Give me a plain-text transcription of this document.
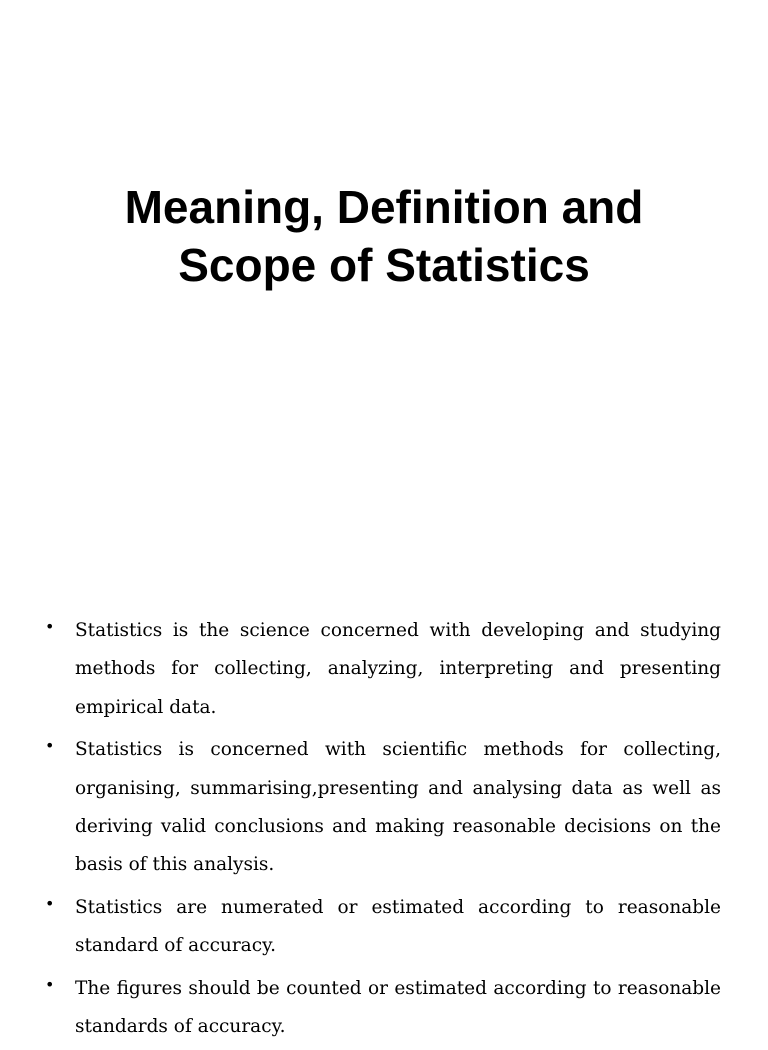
Meaning, Definition and
Scope of Statistics
• Statistics is the science concerned with developing and studying methods for collecting, analyzing, interpreting and presenting empirical data.
• Statistics is concerned with scientific methods for collecting, organising, summarising,presenting and analysing data as well as deriving valid conclusions and making reasonable decisions on the basis of this analysis.
• Statistics are numerated or estimated according to reasonable standard of accuracy.
• The figures should be counted or estimated according to reasonable standards of accuracy.
